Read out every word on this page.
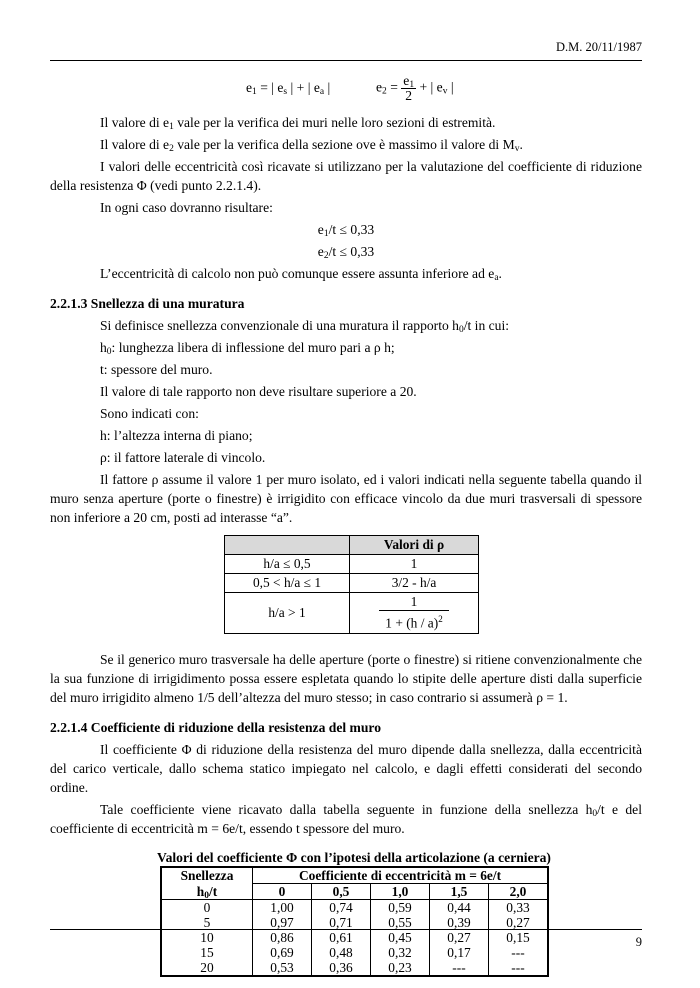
D.M. 20/11/1987
$e_1$ = | $e_s$ | + | $e_a$ |	$e_2 = \frac{e_1}{2}$ + | $e_v$ |

Il valore di $e_1$ vale per la verifica dei muri nelle loro sezioni di estremità.

Il valore di $e_2$ vale per la verifica della sezione ove è massimo il valore di $M_v$.

I valori delle eccentricità così ricavate si utilizzano per la valutazione del coefficiente di riduzione della resistenza Φ (vedi punto 2.2.1.4).

In ogni caso dovranno risultare:

$e_1/t \le 0,33$

$e_2/t \le 0,33$

L’eccentricità di calcolo non può comunque essere assunta inferiore ad $e_a$.

2.2.1.3 Snellezza di una muratura

Si definisce snellezza convenzionale di una muratura il rapporto $h_0/t$ in cui:

$h_0$: lunghezza libera di inflessione del muro pari a ρ h;

t: spessore del muro.

Il valore di tale rapporto non deve risultare superiore a 20.

Sono indicati con:

h: l’altezza interna di piano;

ρ: il fattore laterale di vincolo.

Il fattore ρ assume il valore 1 per muro isolato, ed i valori indicati nella seguente tabella quando il muro senza aperture (porte o finestre) è irrigidito con efficace vincolo da due muri trasversali di spessore non inferiore a 20 cm, posti ad interasse “a”.

	Valori di ρ
h/a ≤ 0,5	1
0,5 < h/a ≤ 1	3/2 - h/a
h/a > 1	$\frac{1}{1 + (h / a)^2}$

Se il generico muro trasversale ha delle aperture (porte o finestre) si ritiene convenzionalmente che la sua funzione di irrigidimento possa essere espletata quando lo stipite delle aperture disti dalla superficie del muro irrigidito almeno 1/5 dell’altezza del muro stesso; in caso contrario si assumerà ρ = 1.

2.2.1.4 Coefficiente di riduzione della resistenza del muro

Il coefficiente Φ di riduzione della resistenza del muro dipende dalla snellezza, dalla eccentricità del carico verticale, dallo schema statico impiegato nel calcolo, e dagli effetti considerati del secondo ordine.

Tale coefficiente viene ricavato dalla tabella seguente in funzione della snellezza $h_0/t$ e del coefficiente di eccentricità m = 6e/t, essendo t spessore del muro.

Valori del coefficiente Φ con l’ipotesi della articolazione (a cerniera)
Snellezza	Coefficiente di eccentricità m = 6e/t				
$h_0/t$	0	0,5	1,0	1,5	2,0
0	1,00	0,74	0,59	0,44	0,33
5	0,97	0,71	0,55	0,39	0,27
10	0,86	0,61	0,45	0,27	0,15
15	0,69	0,48	0,32	0,17	---
20	0,53	0,36	0,23	---	---
9
